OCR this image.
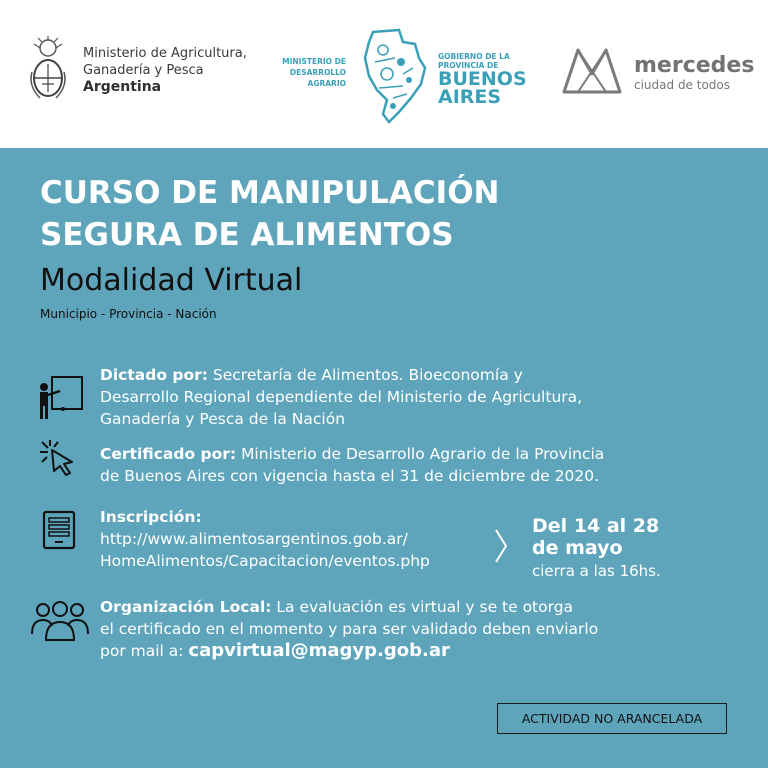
Ministerio de Agricultura,
Ganadería y Pesca
Argentina
MINISTERIO DE
DESARROLLO
AGRARIO
GOBIERNO DE LA
PROVINCIA DE
BUENOS
AIRES
mercedes
ciudad de todos
CURSO DE MANIPULACIÓN
SEGURA DE ALIMENTOS
Modalidad Virtual
Municipio - Provincia - Nación
Dictado por: Secretaría de Alimentos. Bioeconomía y
Desarrollo Regional dependiente del Ministerio de Agricultura,
Ganadería y Pesca de la Nación
Certificado por: Ministerio de Desarrollo Agrario de la Provincia
de Buenos Aires con vigencia hasta el 31 de diciembre de 2020.
Inscripción:
http://www.alimentosargentinos.gob.ar/
HomeAlimentos/Capacitacion/eventos.php
Del 14 al 28
de mayo
cierra a las 16hs.
Organización Local: La evaluación es virtual y se te otorga
el certificado en el momento y para ser validado deben enviarlo
por mail a: capvirtual@magyp.gob.ar
ACTIVIDAD NO ARANCELADA
